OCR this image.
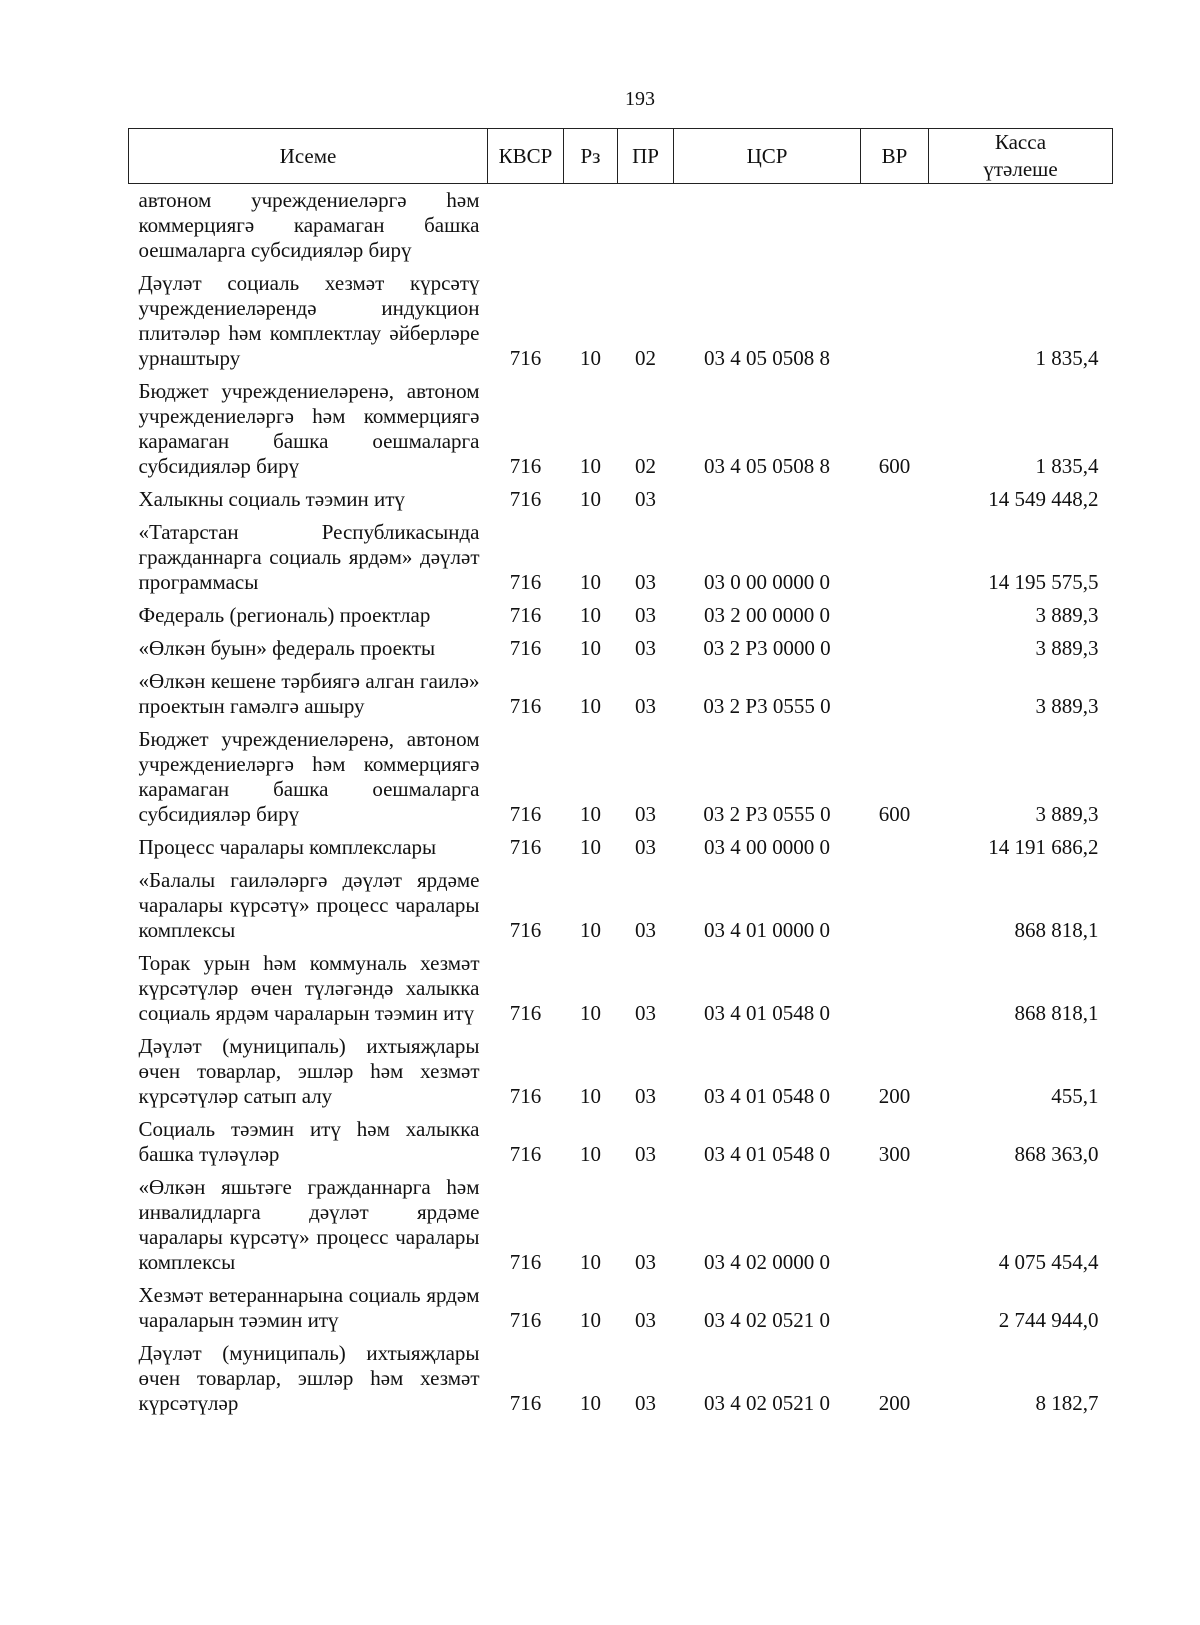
193
Исеме	КВСР	Рз	ПР	ЦСР	ВР	Касса
үтәлеше

автоном учреждениеләргә һәм коммерциягә карамаган башка оешмаларга субсидияләр бирү						
Дәүләт социаль хезмәт күрсәтү учреждениеләрендә индукцион плитәләр һәм комплектлау әйберләре урнаштыру	716	10	02	03 4 05 0508 8		1 835,4
Бюджет учреждениеләренә, автоном учреждениеләргә һәм коммерциягә карамаган башка оешмаларга субсидияләр бирү	716	10	02	03 4 05 0508 8	600	1 835,4
Халыкны социаль тәэмин итү	716	10	03			14 549 448,2
«Татарстан Республикасында гражданнарга социаль ярдәм» дәүләт программасы	716	10	03	03 0 00 0000 0		14 195 575,5
Федераль (региональ) проектлар	716	10	03	03 2 00 0000 0		3 889,3
«Өлкән буын» федераль проекты	716	10	03	03 2 Р3 0000 0		3 889,3
«Өлкән кешене тәрбиягә алган гаилә» проектын гамәлгә ашыру	716	10	03	03 2 Р3 0555 0		3 889,3
Бюджет учреждениеләренә, автоном учреждениеләргә һәм коммерциягә карамаган башка оешмаларга субсидияләр бирү	716	10	03	03 2 Р3 0555 0	600	3 889,3
Процесс чаралары комплекслары	716	10	03	03 4 00 0000 0		14 191 686,2
«Балалы гаиләләргә дәүләт ярдәме чаралары күрсәтү» процесс чаралары комплексы	716	10	03	03 4 01 0000 0		868 818,1
Торак урын һәм коммуналь хезмәт күрсәтүләр өчен түләгәндә халыкка социаль ярдәм чараларын тәэмин итү	716	10	03	03 4 01 0548 0		868 818,1
Дәүләт (муниципаль) ихтыяҗлары өчен товарлар, эшләр һәм хезмәт күрсәтүләр сатып алу	716	10	03	03 4 01 0548 0	200	455,1
Социаль тәэмин итү һәм халыкка башка түләүләр	716	10	03	03 4 01 0548 0	300	868 363,0
«Өлкән яшьтәге гражданнарга һәм инвалидларга дәүләт ярдәме чаралары күрсәтү» процесс чаралары комплексы	716	10	03	03 4 02 0000 0		4 075 454,4
Хезмәт ветераннарына социаль ярдәм чараларын тәэмин итү	716	10	03	03 4 02 0521 0		2 744 944,0
Дәүләт (муниципаль) ихтыяҗлары өчен товарлар, эшләр һәм хезмәт күрсәтүләр	716	10	03	03 4 02 0521 0	200	8 182,7
